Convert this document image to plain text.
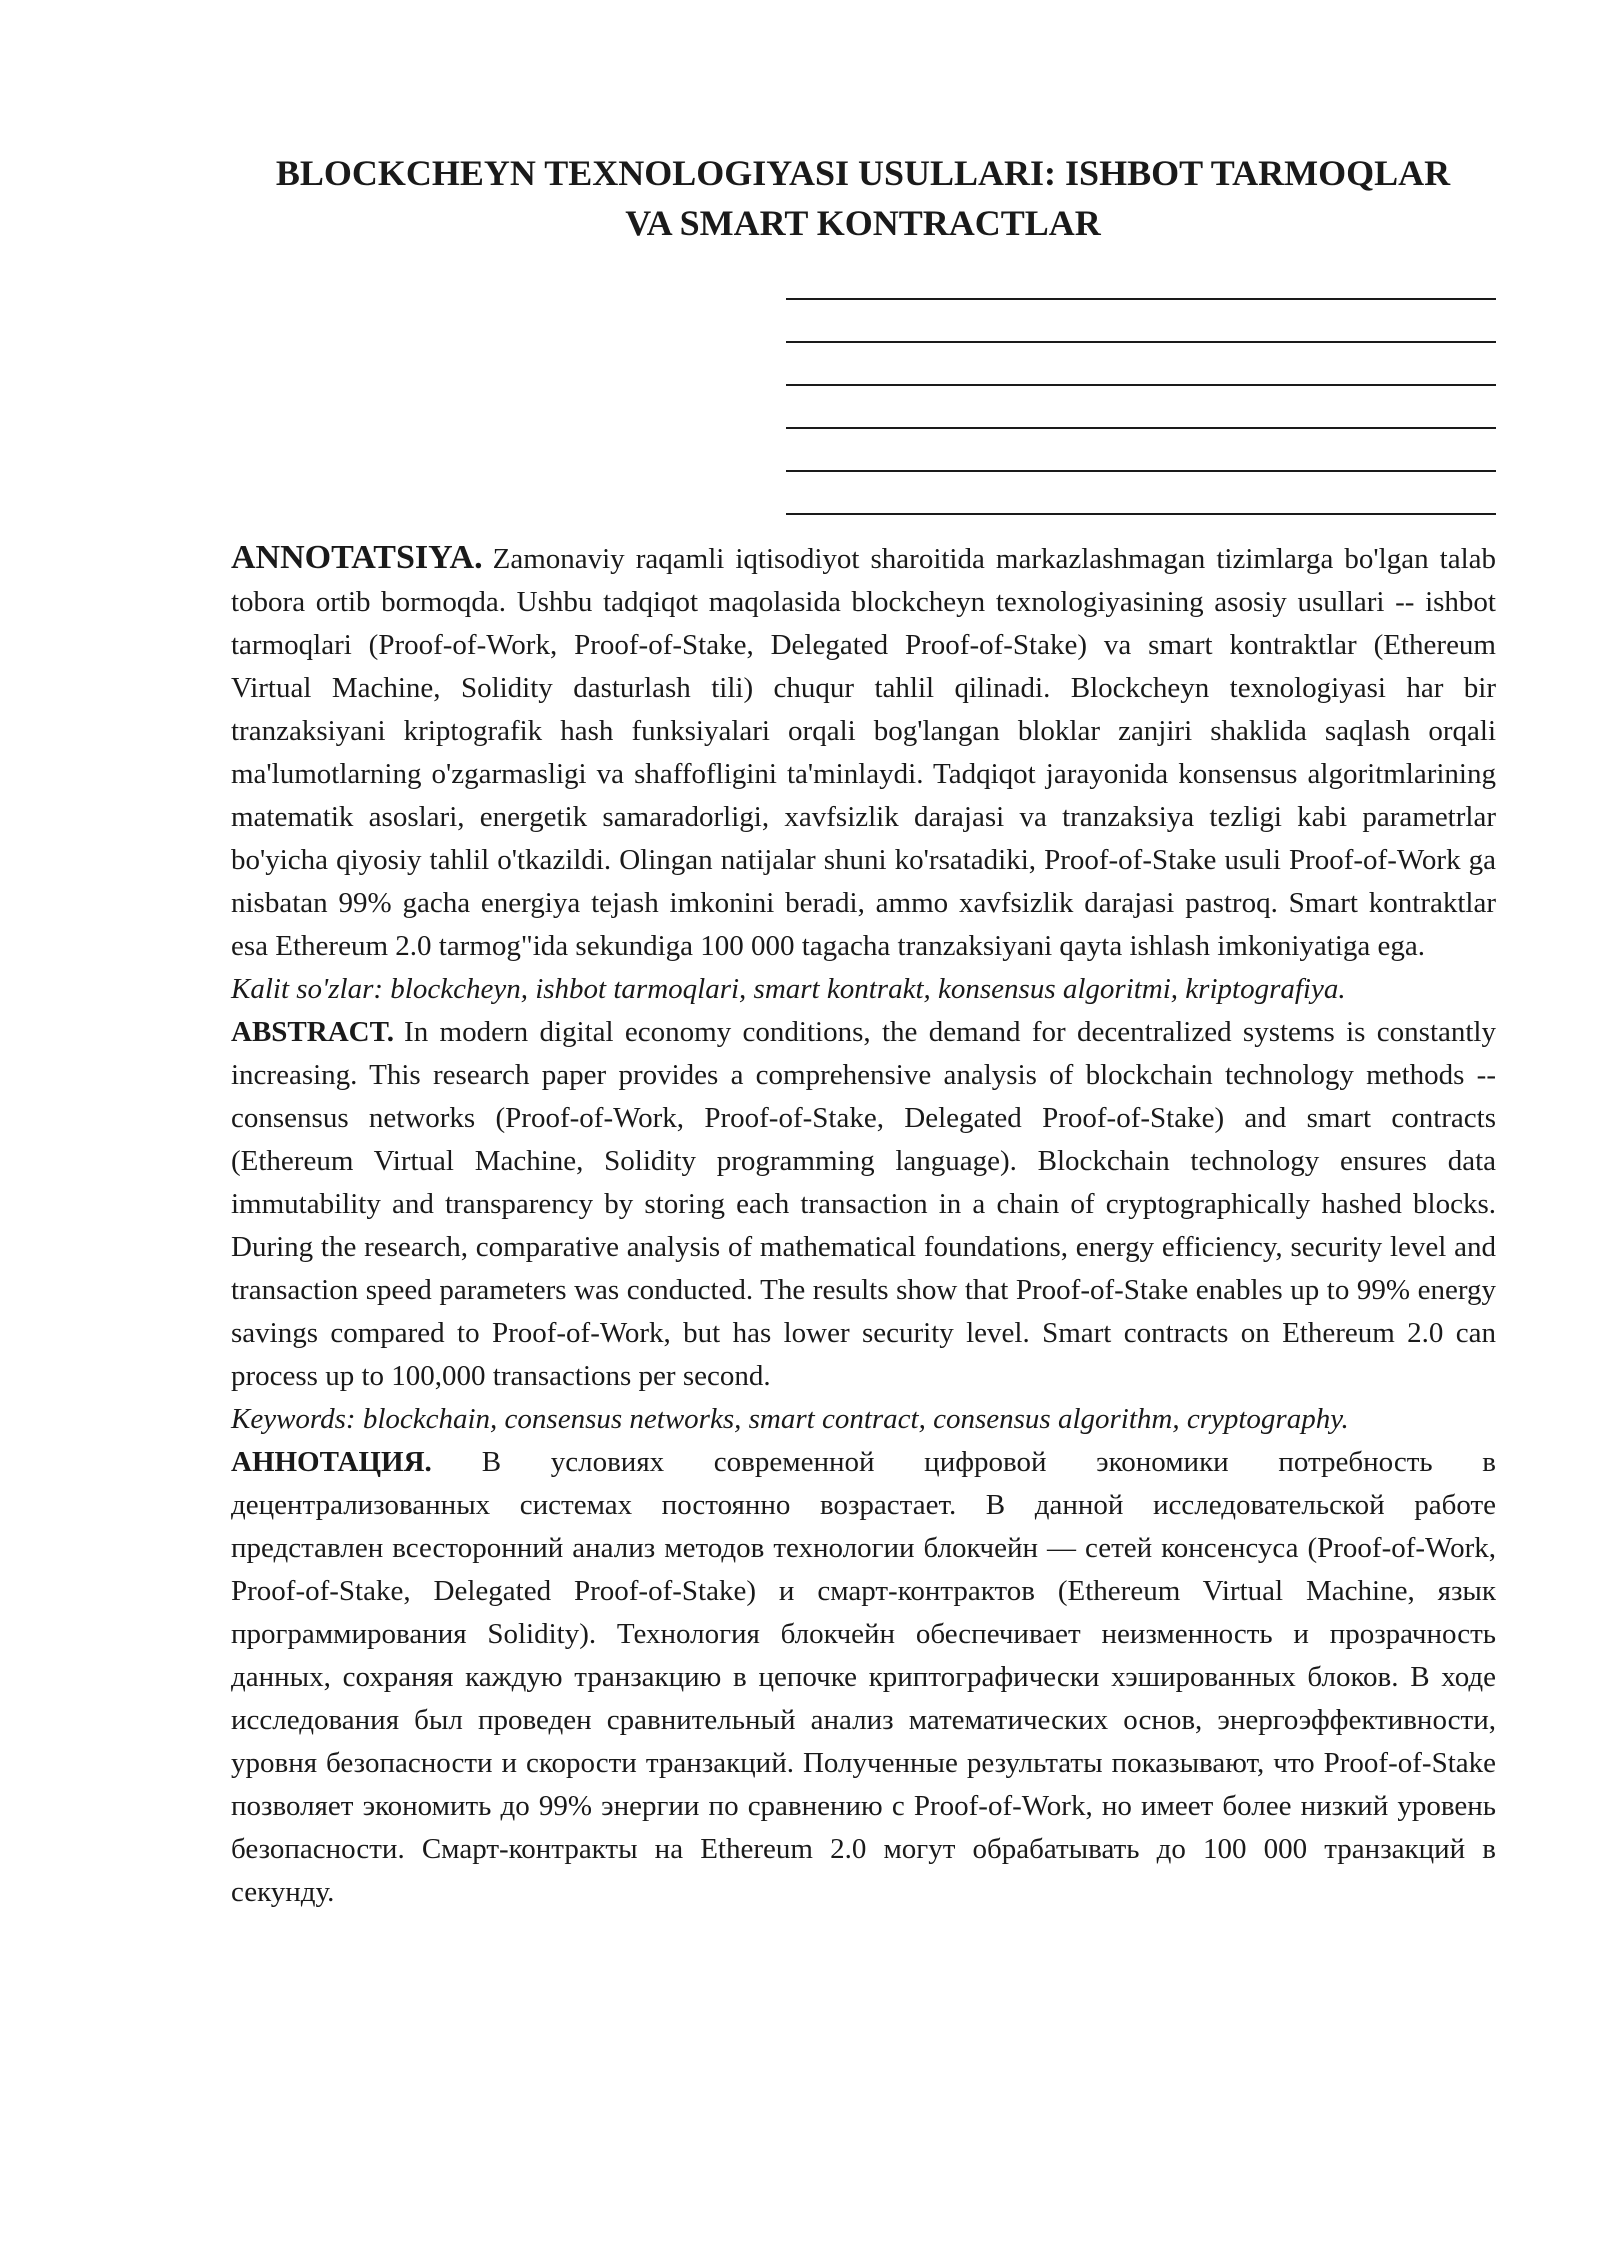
BLOCKCHEYN TEXNOLOGIYASI USULLARI: ISHBOT TARMOQLAR
VA SMART KONTRACTLAR

ANNOTATSIYA. Zamonaviy raqamli iqtisodiyot sharoitida markazlashmagan tizimlarga bo'lgan talab tobora ortib bormoqda. Ushbu tadqiqot maqolasida blockcheyn texnologiyasining asosiy usullari -- ishbot tarmoqlari (Proof-of-Work, Proof-of-Stake, Delegated Proof-of-Stake) va smart kontraktlar (Ethereum Virtual Machine, Solidity dasturlash tili) chuqur tahlil qilinadi. Blockcheyn texnologiyasi har bir tranzaksiyani kriptografik hash funksiyalari orqali bog'langan bloklar zanjiri shaklida saqlash orqali ma'lumotlarning o'zgarmasligi va shaffofligini ta'minlaydi. Tadqiqot jarayonida konsensus algoritmlarining matematik asoslari, energetik samaradorligi, xavfsizlik darajasi va tranzaksiya tezligi kabi parametrlar bo'yicha qiyosiy tahlil o'tkazildi. Olingan natijalar shuni ko'rsatadiki, Proof-of-Stake usuli Proof-of-Work ga nisbatan 99% gacha energiya tejash imkonini beradi, ammo xavfsizlik darajasi pastroq. Smart kontraktlar esa Ethereum 2.0 tarmog"ida sekundiga 100 000 tagacha tranzaksiyani qayta ishlash imkoniyatiga ega.

Kalit so'zlar: blockcheyn, ishbot tarmoqlari, smart kontrakt, konsensus algoritmi, kriptografiya.

ABSTRACT. In modern digital economy conditions, the demand for decentralized systems is constantly increasing. This research paper provides a comprehensive analysis of blockchain technology methods -- consensus networks (Proof-of-Work, Proof-of-Stake, Delegated Proof-of-Stake) and smart contracts (Ethereum Virtual Machine, Solidity programming language). Blockchain technology ensures data immutability and transparency by storing each transaction in a chain of cryptographically hashed blocks. During the research, comparative analysis of mathematical foundations, energy efficiency, security level and transaction speed parameters was conducted. The results show that Proof-of-Stake enables up to 99% energy savings compared to Proof-of-Work, but has lower security level. Smart contracts on Ethereum 2.0 can process up to 100,000 transactions per second.

Keywords: blockchain, consensus networks, smart contract, consensus algorithm, cryptography.

АННОТАЦИЯ. В условиях современной цифровой экономики потребность в децентрализованных системах постоянно возрастает. В данной исследовательской работе представлен всесторонний анализ методов технологии блокчейн — сетей консенсуса (Proof-of-Work, Proof-of-Stake, Delegated Proof-of-Stake) и смарт-контрактов (Ethereum Virtual Machine, язык программирования Solidity). Технология блокчейн обеспечивает неизменность и прозрачность данных, сохраняя каждую транзакцию в цепочке криптографически хэшированных блоков. В ходе исследования был проведен сравнительный анализ математических основ, энергоэффективности, уровня безопасности и скорости транзакций. Полученные результаты показывают, что Proof-of-Stake позволяет экономить до 99% энергии по сравнению с Proof-of-Work, но имеет более низкий уровень безопасности. Смарт-контракты на Ethereum 2.0 могут обрабатывать до 100 000 транзакций в секунду.
